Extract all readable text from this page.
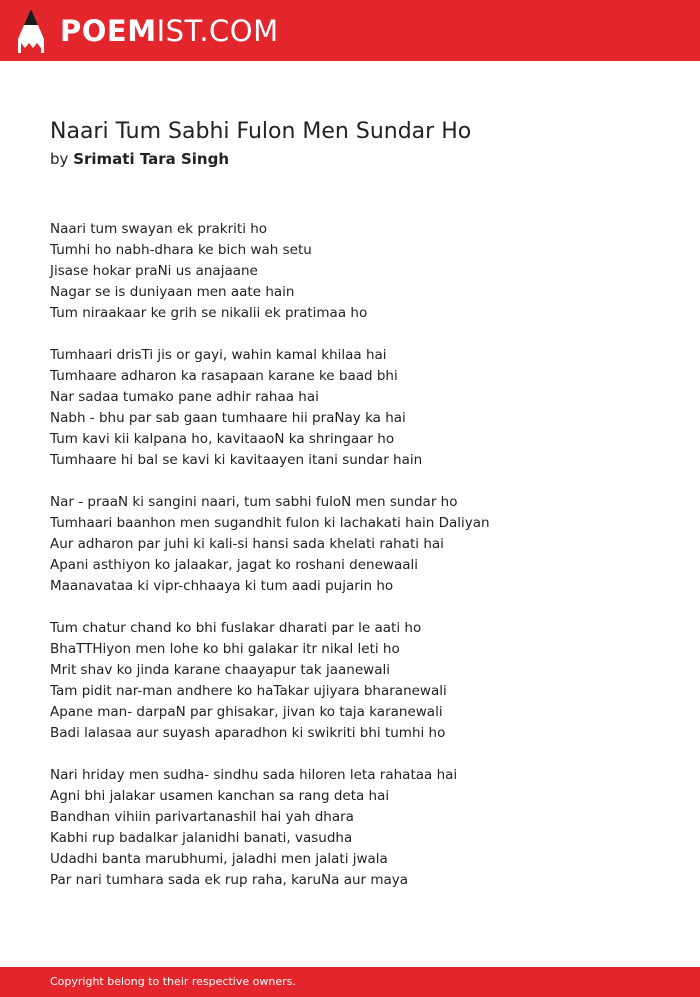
POEMIST.COM
Naari Tum Sabhi Fulon Men Sundar Ho
by Srimati Tara Singh
Naari tum swayan ek prakriti ho
Tumhi ho nabh-dhara ke bich wah setu
Jisase hokar praNi us anajaane
Nagar se is duniyaan men aate hain
Tum niraakaar ke grih se nikalii ek pratimaa ho
Tumhaari drisTi jis or gayi, wahin kamal khilaa hai
Tumhaare adharon ka rasapaan karane ke baad bhi
Nar sadaa tumako pane adhir rahaa hai
Nabh - bhu par sab gaan tumhaare hii praNay ka hai
Tum kavi kii kalpana ho, kavitaaoN ka shringaar ho
Tumhaare hi bal se kavi ki kavitaayen itani sundar hain
Nar - praaN ki sangini naari, tum sabhi fuloN men sundar ho
Tumhaari baanhon men sugandhit fulon ki lachakati hain Daliyan
Aur adharon par juhi ki kali-si hansi sada khelati rahati hai
Apani asthiyon ko jalaakar, jagat ko roshani denewaali
Maanavataa ki vipr-chhaaya ki tum aadi pujarin ho
Tum chatur chand ko bhi fuslakar dharati par le aati ho
BhaTTHiyon men lohe ko bhi galakar itr nikal leti ho
Mrit shav ko jinda karane chaayapur tak jaanewali
Tam pidit nar-man andhere ko haTakar ujiyara bharanewali
Apane man- darpaN par ghisakar, jivan ko taja karanewali
Badi lalasaa aur suyash aparadhon ki swikriti bhi tumhi ho
Nari hriday men sudha- sindhu sada hiloren leta rahataa hai
Agni bhi jalakar usamen kanchan sa rang deta hai
Bandhan vihiin parivartanashil hai yah dhara
Kabhi rup badalkar jalanidhi banati, vasudha
Udadhi banta marubhumi, jaladhi men jalati jwala
Par nari tumhara sada ek rup raha, karuNa aur maya
Copyright belong to their respective owners.
